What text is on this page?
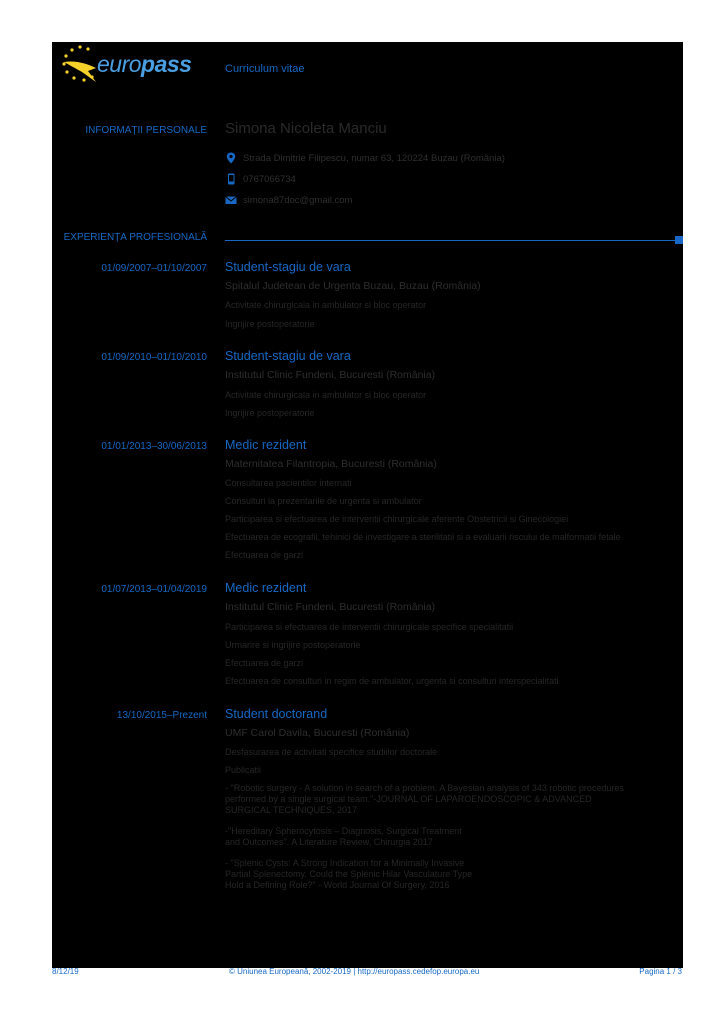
europass	Curriculum vitae
INFORMAȚII PERSONALE Simona Nicoleta Manciu
Strada Dimitrie Filipescu, numar 63, 120224 Buzau (România)
0767066734
simona87doc@gmail.com
EXPERIENȚA PROFESIONALĂ
01/09/2007–01/10/2007 Student-stagiu de vara
Spitalul Judetean de Urgenta Buzau, Buzau (România)
Activitate chirurgicala in ambulator si bloc operator
Ingrijire postoperatorie
01/09/2010–01/10/2010 Student-stagiu de vara
Institutul Clinic Fundeni, Bucuresti (România)
Activitate chirurgicala in ambulator si bloc operator
Ingrijire postoperatorie
01/01/2013–30/06/2013 Medic rezident
Maternitatea Filantropia, Bucuresti (România)
Consultarea pacientilor internati
Consulturi la prezentarile de urgenta si ambulator
Participarea si efectuarea de interventii chirurgicale aferente Obstetricii si Ginecologiei
Efectuarea de ecografii, tehinici de investigare a sterilitatii si a evaluarii riscului de malformatii fetale
Efectuarea de garzi
01/07/2013–01/04/2019 Medic rezident
Institutul Clinic Fundeni, Bucuresti (România)
Participarea si efectuarea de interventii chirurgicale specifice specialitatii
Urmarire si ingrijire postoperatorie
Efectuarea de garzi
Efectuarea de consulturi in regim de ambulator, urgenta si consulturi interspecialitati
13/10/2015–Prezent Student doctorand
UMF Carol Davila, Bucuresti (România)
Desfasurarea de activitati specifice studiilor doctorale
Publicatii
- "Robotic surgery - A solution in search of a problem. A Bayesian analysis of 343 robotic procedures
performed by a single surgical team."-JOURNAL OF LAPAROENDOSCOPIC & ADVANCED
SURGICAL TECHNIQUES, 2017
-"Hereditary Spherocytosis – Diagnosis, Surgical Treatment
and Outcomes". A Literature Review, Chirurgia 2017
- "Splenic Cysts: A Strong Indication for a Minimally Invasive
Partial Splenectomy. Could the Splenic Hilar Vasculature Type
Hold a Defining Role?" - World Journal Of Surgery, 2016
8/12/19	© Uniunea Europeană, 2002-2019 | http://europass.cedefop.europa.eu	Pagina 1 / 3
